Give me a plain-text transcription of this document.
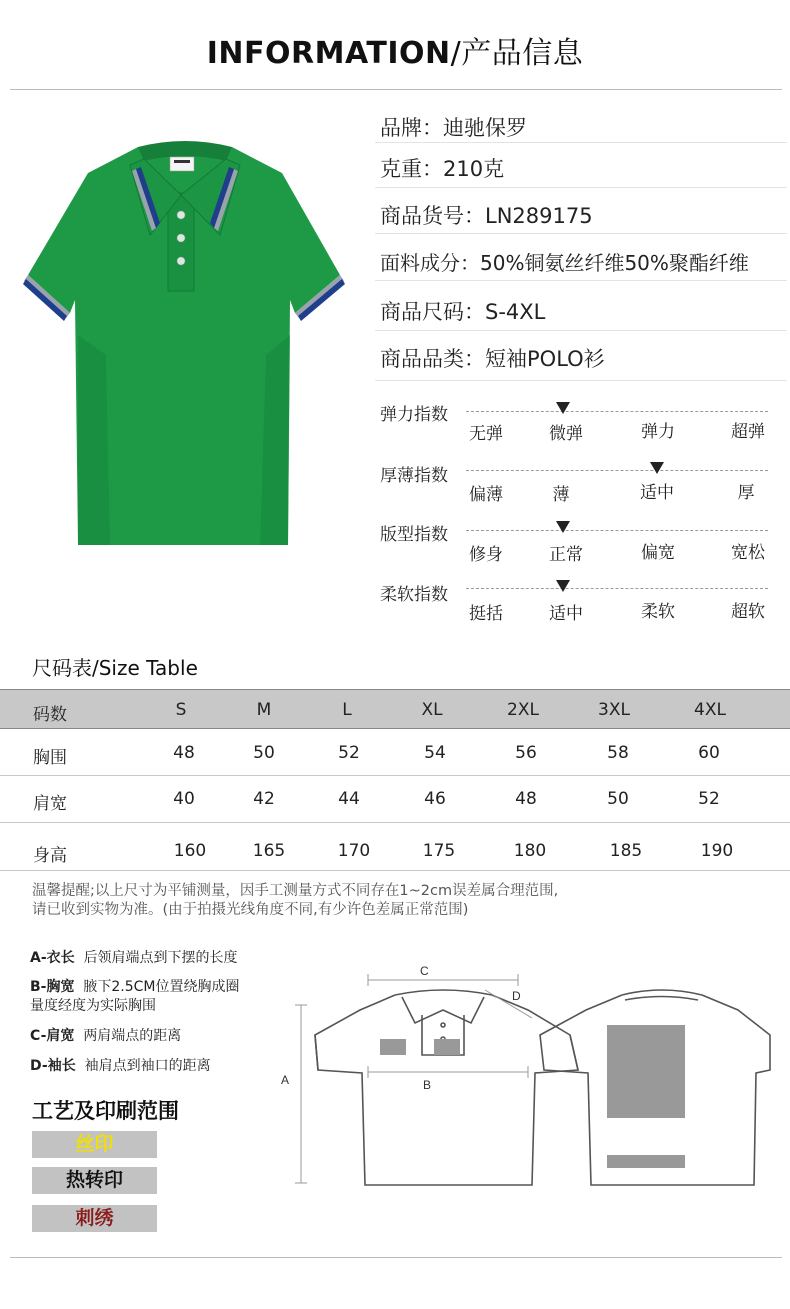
INFORMATION/产品信息
品牌：迪驰保罗
克重：210克
商品货号：LN289175
面料成分：50%铜氨丝纤维50%聚酯纤维
商品尺码：S-4XL
商品品类：短袖POLO衫
弹力指数
无弹	微弹	弹力	超弹
厚薄指数
偏薄	薄	适中	厚
版型指数
修身	正常	偏宽	宽松
柔软指数
挺括	适中	柔软	超软
尺码表/Size Table
码数	S	M	L	XL	2XL	3XL	4XL
胸围	48	50	52	54	56	58	60
肩宽	40	42	44	46	48	50	52
身高	160	165	170	175	180	185	190
温馨提醒;以上尺寸为平铺测量，因手工测量方式不同存在1~2cm误差属合理范围,
请已收到实物为准。(由于拍摄光线角度不同,有少许色差属正常范围)
A-衣长 后领肩端点到下摆的长度
B-胸宽 腋下2.5CM位置绕胸成圈
量度经度为实际胸围
C-肩宽 两肩端点的距离
D-袖长 袖肩点到袖口的距离
工艺及印刷范围
丝印
热转印
刺绣
C
B
A
D
